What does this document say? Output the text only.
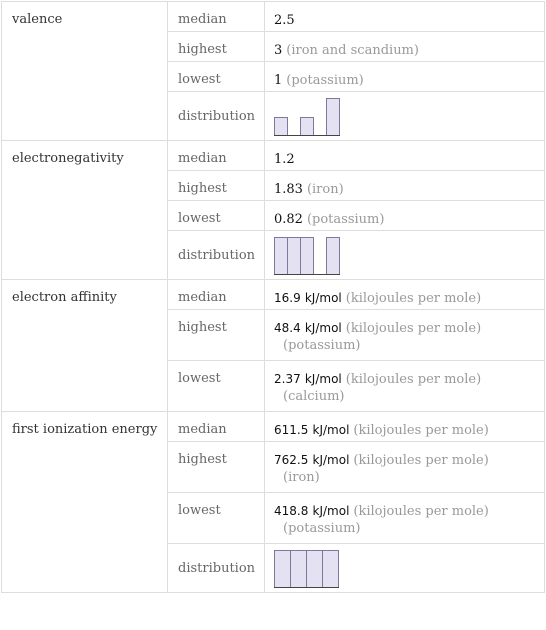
valence	median	2.5
	highest	3 (iron and scandium)
	lowest	1 (potassium)
	distribution	

electronegativity	median	1.2
	highest	1.83 (iron)
	lowest	0.82 (potassium)
	distribution	

electron affinity	median	16.9 kJ/mol (kilojoules per mole)
	highest	48.4 kJ/mol (kilojoules per mole)
(potassium)

	lowest	2.37 kJ/mol (kilojoules per mole)
(calcium)

first ionization energy	median	611.5 kJ/mol (kilojoules per mole)
	highest	762.5 kJ/mol (kilojoules per mole)
(iron)

	lowest	418.8 kJ/mol (kilojoules per mole)
(potassium)

	distribution	
